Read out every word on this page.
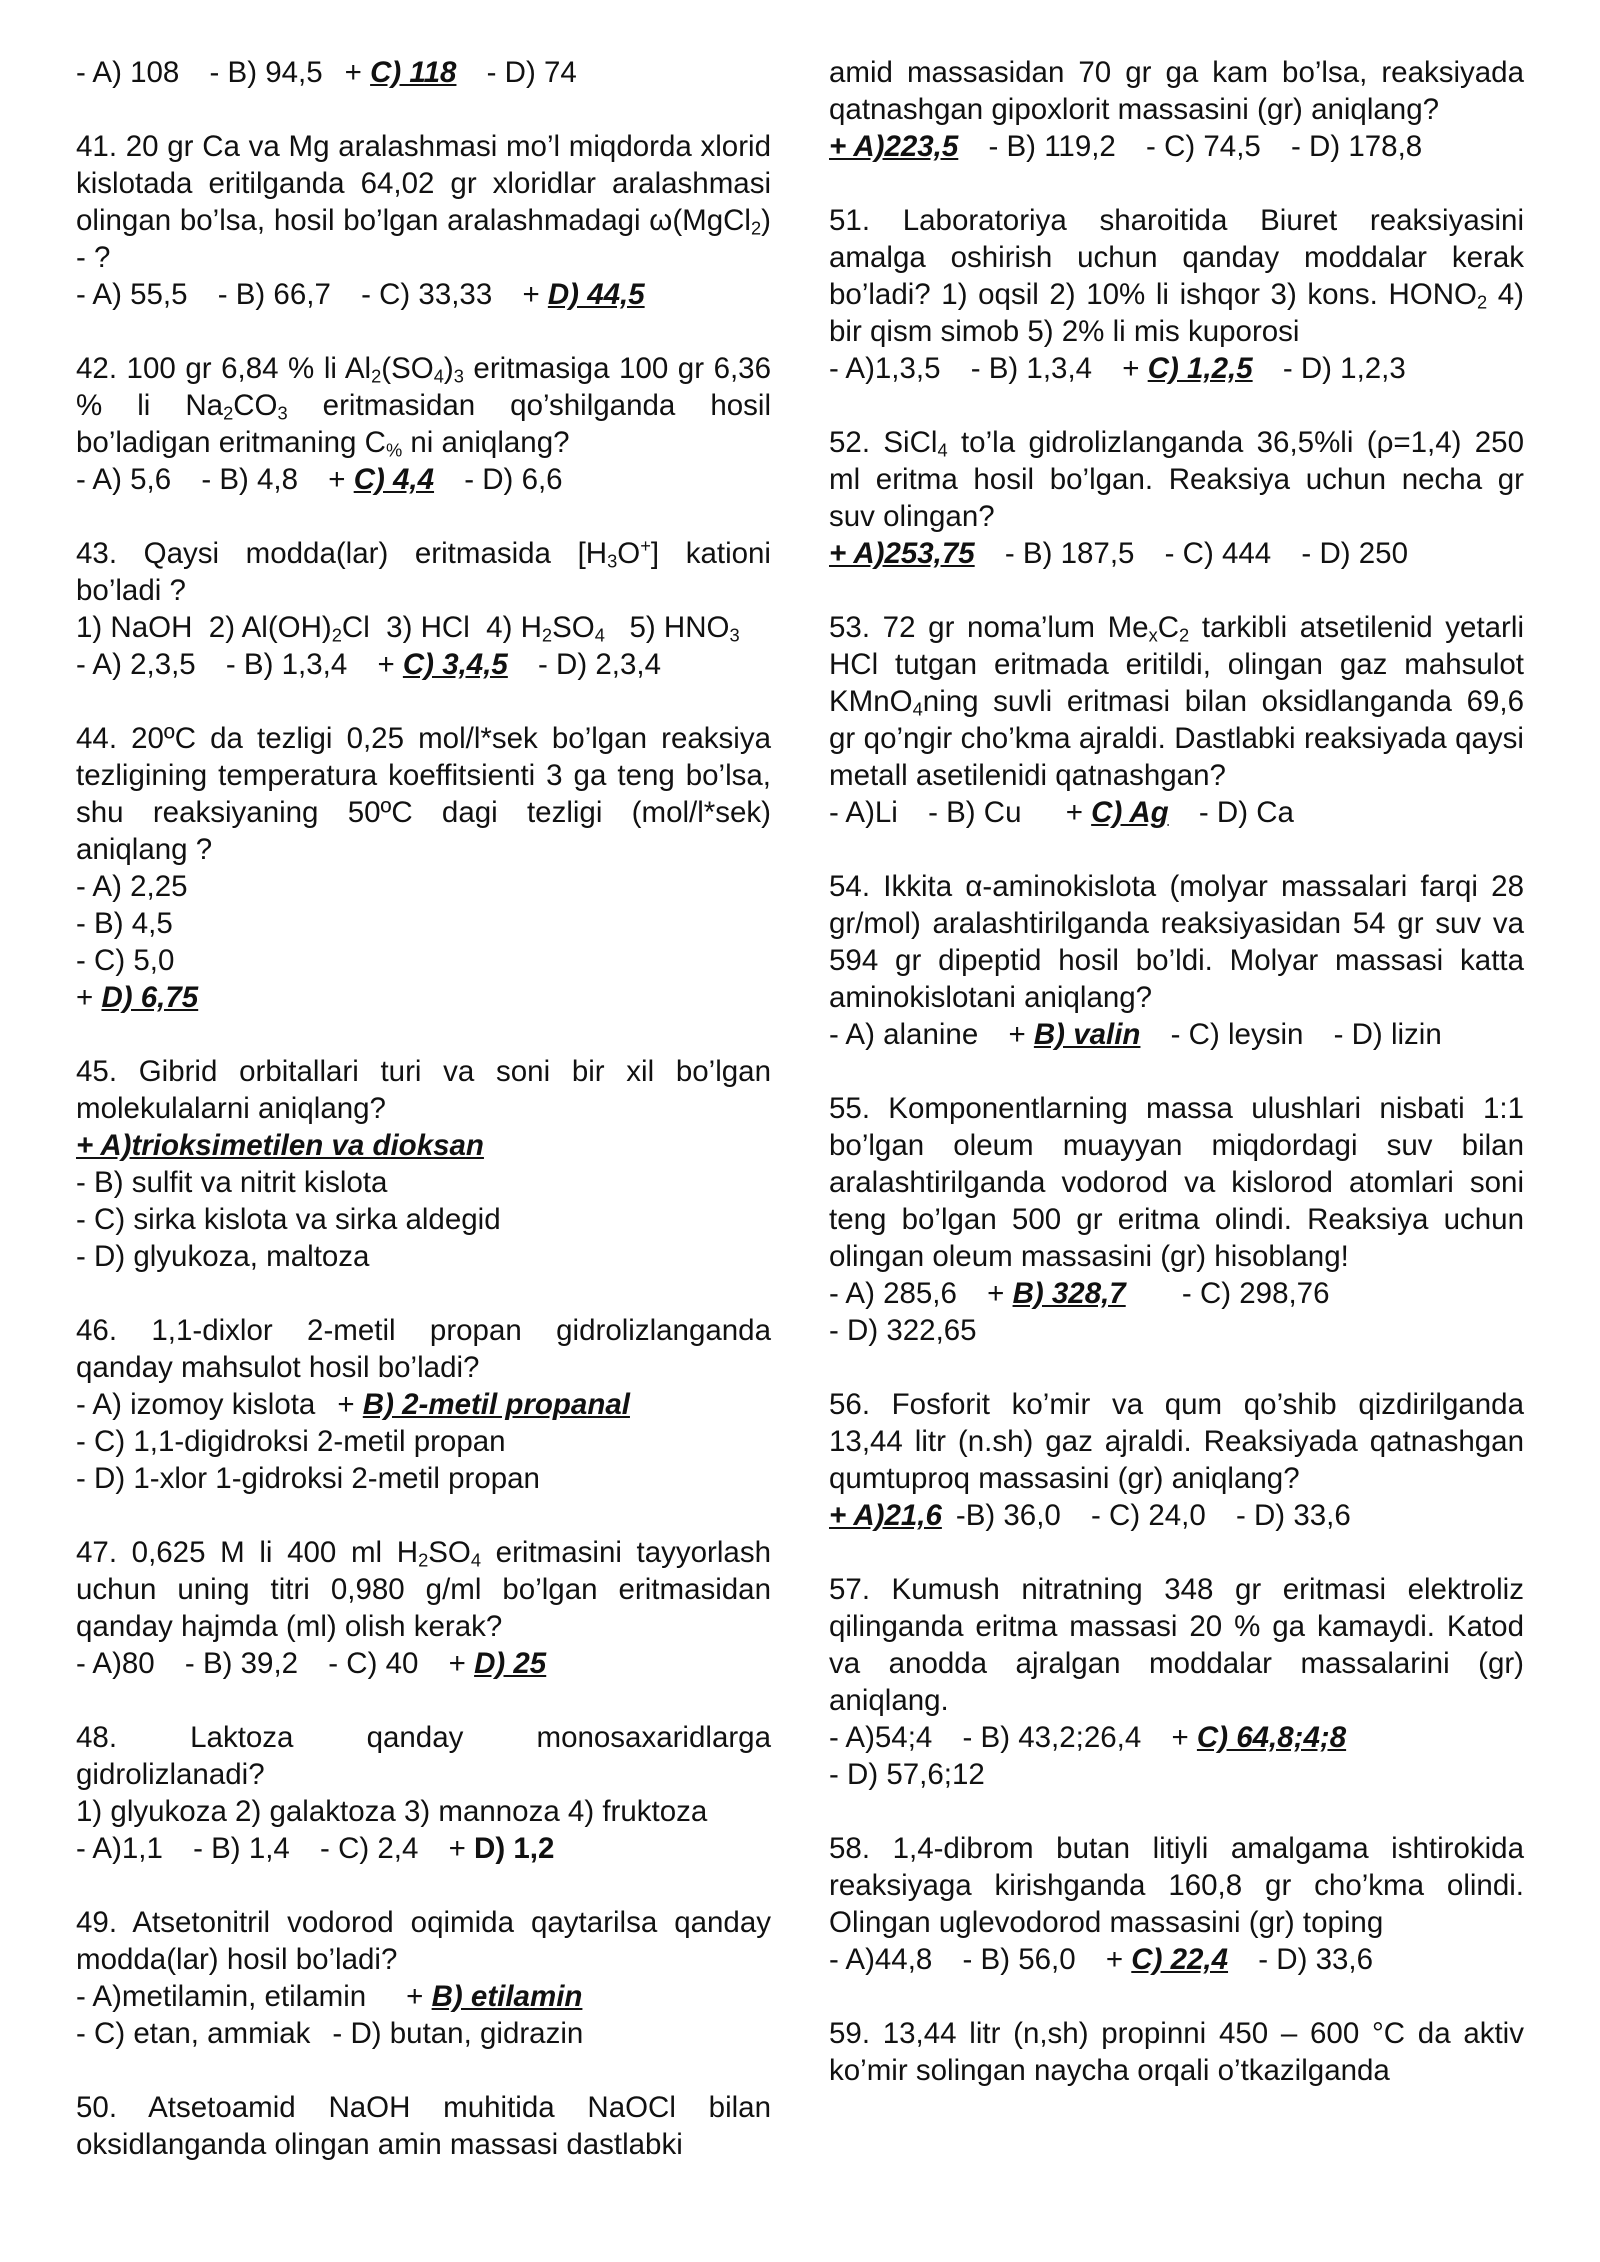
- A) 108 - B) 94,5 + C) 118 - D) 74

41. 20 gr Ca va Mg aralashmasi mo’l miqdorda xlorid kislotada eritilganda 64,02 gr xloridlar aralashmasi olingan bo’lsa, hosil bo’lgan aralashmadagi ω(MgCl$_2$) - ?

- A) 55,5 - B) 66,7 - C) 33,33 + D) 44,5

42. 100 gr 6,84 % li $Al_2(SO_4)_3$ eritmasiga 100 gr 6,36 % li $Na_2CO_3$ eritmasidan qo’shilganda hosil bo’ladigan eritmaning $C_{\%}$ ni aniqlang?

- A) 5,6 - B) 4,8 + C) 4,4 - D) 6,6

43. Qaysi modda(lar) eritmasida $[H_3O^+]$ kationi bo’ladi ?

1) NaOH 2) $Al(OH)_2Cl$ 3) HCl 4) $H_2SO_4$ 5) $HNO_3$

- A) 2,3,5 - B) 1,3,4 + C) 3,4,5 - D) 2,3,4

44. 20ºC da tezligi 0,25 mol/l*sek bo’lgan reaksiya tezligining temperatura koeffitsienti 3 ga teng bo’lsa, shu reaksiyaning 50ºC dagi tezligi (mol/l*sek) aniqlang ?

- A) 2,25

- B) 4,5

- C) 5,0

+ D) 6,75

45. Gibrid orbitallari turi va soni bir xil bo’lgan molekulalarni aniqlang?

+ A)trioksimetilen va dioksan

- B) sulfit va nitrit kislota

- C) sirka kislota va sirka aldegid

- D) glyukoza, maltoza

46. 1,1-dixlor 2-metil propan gidrolizlanganda qanday mahsulot hosil bo’ladi?

- A) izomoy kislota + B) 2-metil propanal

- C) 1,1-digidroksi 2-metil propan

- D) 1-xlor 1-gidroksi 2-metil propan

47. 0,625 M li 400 ml $H_2SO_4$ eritmasini tayyorlash uchun uning titri 0,980 g/ml bo’lgan eritmasidan qanday hajmda (ml) olish kerak?

- A)80 - B) 39,2 - C) 40 + D) 25

48. Laktoza qanday monosaxaridlarga gidrolizlanadi?

1) glyukoza 2) galaktoza 3) mannoza 4) fruktoza

- A)1,1 - B) 1,4 - C) 2,4 + D) 1,2

49. Atsetonitril vodorod oqimida qaytarilsa qanday modda(lar) hosil bo’ladi?

- A)metilamin, etilamin + B) etilamin

- C) etan, ammiak - D) butan, gidrazin

50. Atsetoamid NaOH muhitida NaOCl bilan oksidlanganda olingan amin massasi dastlabki

amid massasidan 70 gr ga kam bo’lsa, reaksiyada qatnashgan gipoxlorit massasini (gr) aniqlang?

+ A)223,5 - B) 119,2 - C) 74,5 - D) 178,8

51. Laboratoriya sharoitida Biuret reaksiyasini amalga oshirish uchun qanday moddalar kerak bo’ladi? 1) oqsil 2) 10% li ishqor 3) kons. $HONO_2$ 4) bir qism simob 5) 2% li mis kuporosi

- A)1,3,5 - B) 1,3,4 + C) 1,2,5 - D) 1,2,3

52. SiCl$_4$ to’la gidrolizlanganda 36,5%li (ρ=1,4) 250 ml eritma hosil bo’lgan. Reaksiya uchun necha gr suv olingan?

+ A)253,75 - B) 187,5 - C) 444 - D) 250

53. 72 gr noma’lum $Me_xC_2$ tarkibli atsetilenid yetarli HCl tutgan eritmada eritildi, olingan gaz mahsulot KMnO$_4$ning suvli eritmasi bilan oksidlanganda 69,6 gr qo’ngir cho’kma ajraldi. Dastlabki reaksiyada qaysi metall asetilenidi qatnashgan?

- A)Li - B) Cu + C) Ag - D) Ca

54. Ikkita α-aminokislota (molyar massalari farqi 28 gr/mol) aralashtirilganda reaksiyasidan 54 gr suv va 594 gr dipeptid hosil bo’ldi. Molyar massasi katta aminokislotani aniqlang?

- A) alanine + B) valin - C) leysin - D) lizin

55. Komponentlarning massa ulushlari nisbati 1:1 bo’lgan oleum muayyan miqdordagi suv bilan aralashtirilganda vodorod va kislorod atomlari soni teng bo’lgan 500 gr eritma olindi. Reaksiya uchun olingan oleum massasini (gr) hisoblang!

- A) 285,6 + B) 328,7 - C) 298,76

- D) 322,65

56. Fosforit ko’mir va qum qo’shib qizdirilganda 13,44 litr (n.sh) gaz ajraldi. Reaksiyada qatnashgan qumtuproq massasini (gr) aniqlang?

+ A)21,6 -B) 36,0 - C) 24,0 - D) 33,6

57. Kumush nitratning 348 gr eritmasi elektroliz qilinganda eritma massasi 20 % ga kamaydi. Katod va anodda ajralgan moddalar massalarini (gr) aniqlang.

- A)54;4 - B) 43,2;26,4 + C) 64,8;4;8

- D) 57,6;12

58. 1,4-dibrom butan litiyli amalgama ishtirokida reaksiyaga kirishganda 160,8 gr cho’kma olindi. Olingan uglevodorod massasini (gr) toping

- A)44,8 - B) 56,0 + C) 22,4 - D) 33,6

59. 13,44 litr (n,sh) propinni 450 – 600 °C da aktiv ko’mir solingan naycha orqali o’tkazilganda
